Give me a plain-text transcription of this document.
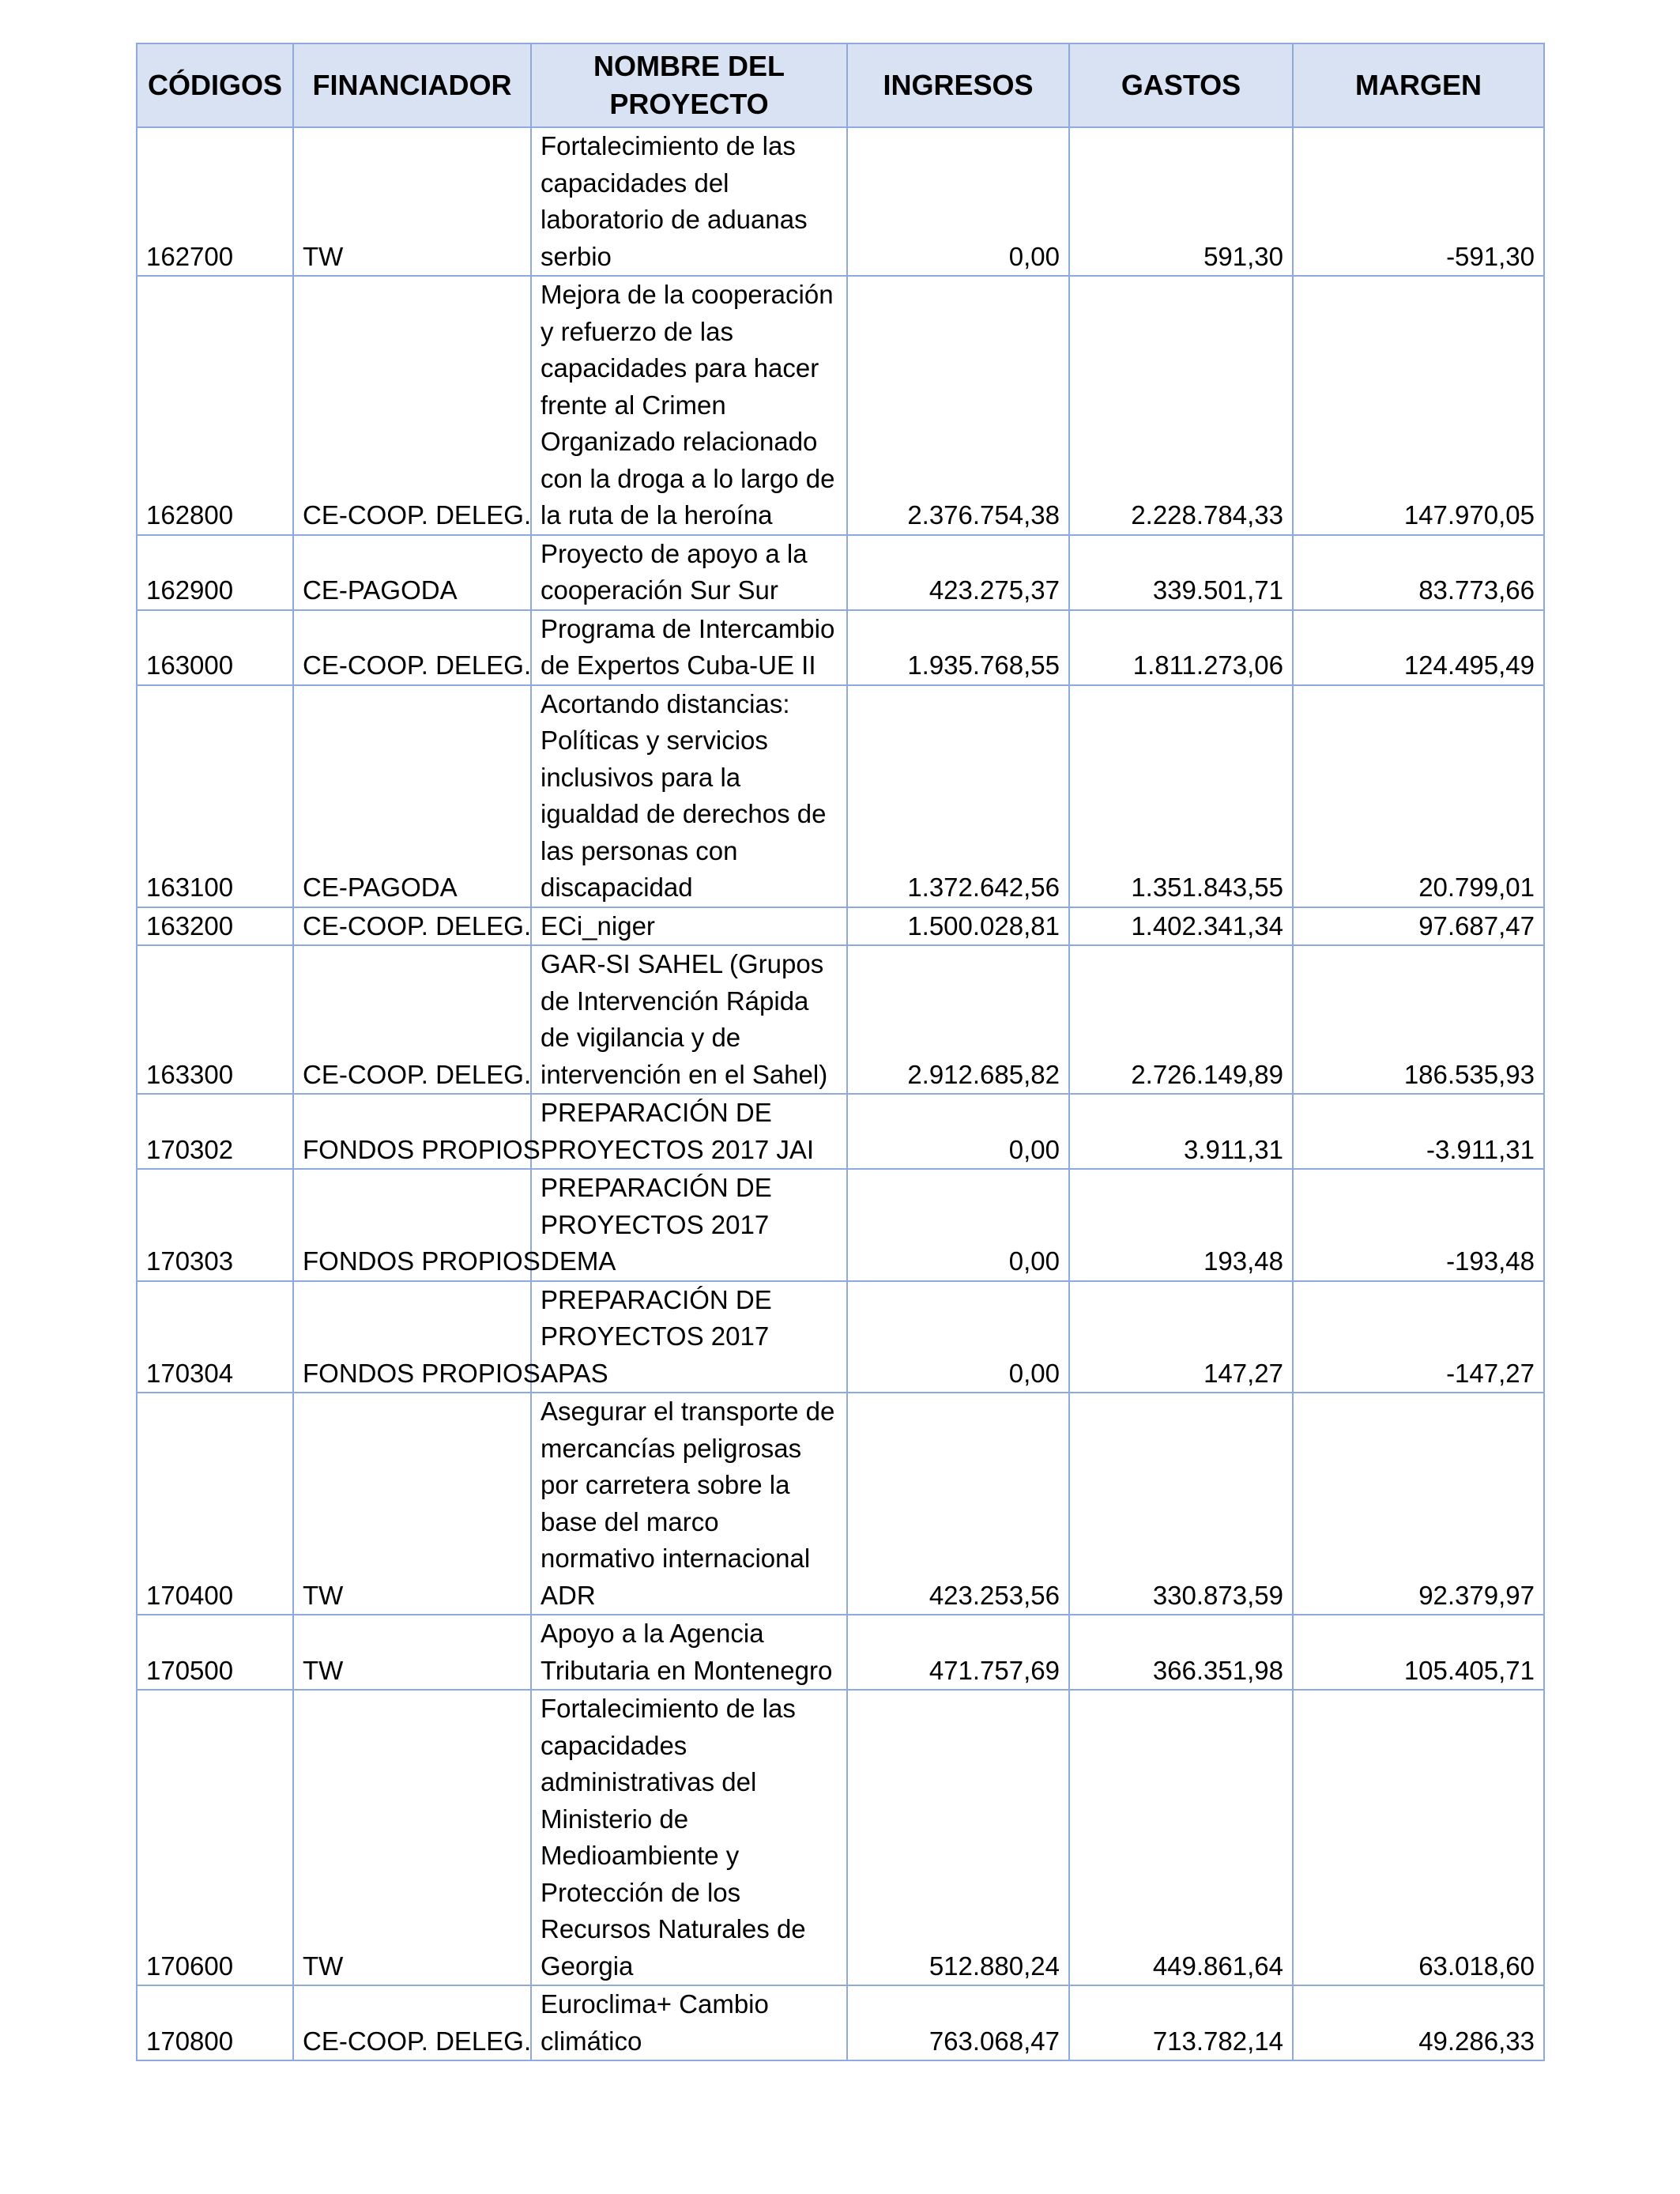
CÓDIGOS	FINANCIADOR	NOMBRE DEL PROYECTO	INGRESOS	GASTOS	MARGEN
162700	TW	Fortalecimiento de las capacidades del laboratorio de aduanas serbio	0,00	591,30	-591,30
162800	CE-COOP. DELEG.	Mejora de la cooperación y refuerzo de las capacidades para hacer frente al Crimen Organizado relacionado con la droga a lo largo de la ruta de la heroína	2.376.754,38	2.228.784,33	147.970,05
162900	CE-PAGODA	Proyecto de apoyo a la cooperación Sur Sur	423.275,37	339.501,71	83.773,66
163000	CE-COOP. DELEG.	Programa de Intercambio de Expertos Cuba-UE II	1.935.768,55	1.811.273,06	124.495,49
163100	CE-PAGODA	Acortando distancias: Políticas y servicios inclusivos para la igualdad de derechos de las personas con discapacidad	1.372.642,56	1.351.843,55	20.799,01
163200	CE-COOP. DELEG.	ECi_niger	1.500.028,81	1.402.341,34	97.687,47
163300	CE-COOP. DELEG.	GAR-SI SAHEL (Grupos de Intervención Rápida de vigilancia y de intervención en el Sahel)	2.912.685,82	2.726.149,89	186.535,93
170302	FONDOS PROPIOS	PREPARACIÓN DE PROYECTOS 2017 JAI	0,00	3.911,31	-3.911,31
170303	FONDOS PROPIOS	PREPARACIÓN DE PROYECTOS 2017 DEMA	0,00	193,48	-193,48
170304	FONDOS PROPIOS	PREPARACIÓN DE PROYECTOS 2017 APAS	0,00	147,27	-147,27
170400	TW	Asegurar el transporte de mercancías peligrosas por carretera sobre la base del marco normativo internacional ADR	423.253,56	330.873,59	92.379,97
170500	TW	Apoyo a la Agencia Tributaria en Montenegro	471.757,69	366.351,98	105.405,71
170600	TW	Fortalecimiento de las capacidades administrativas del Ministerio de Medioambiente y Protección de los Recursos Naturales de Georgia	512.880,24	449.861,64	63.018,60
170800	CE-COOP. DELEG.	Euroclima+ Cambio climático	763.068,47	713.782,14	49.286,33
